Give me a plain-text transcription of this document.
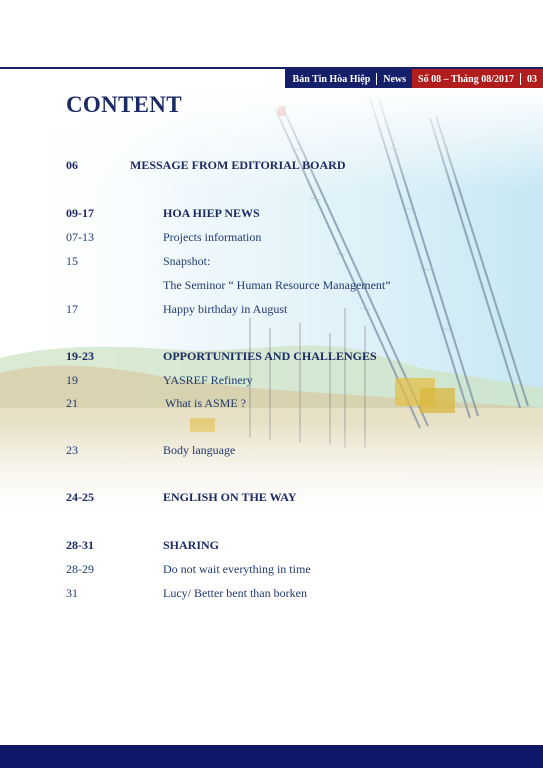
Bản Tin Hòa Hiệp News Số 08 – Tháng 08/2017	03
CONTENT
06	MESSAGE FROM EDITORIAL BOARD
09-17	HOA HIEP NEWS
07-13	Projects information
15	Snapshot:
The Seminor “ Human Resource Management”
17	Happy birthday in August
19-23	OPPORTUNITIES AND CHALLENGES
19	YASREF Refinery
21	What is ASME ?
23	Body language
24-25	ENGLISH ON THE WAY
28-31	SHARING
28-29	Do not wait everything in time
31	Lucy/ Better bent than borken
